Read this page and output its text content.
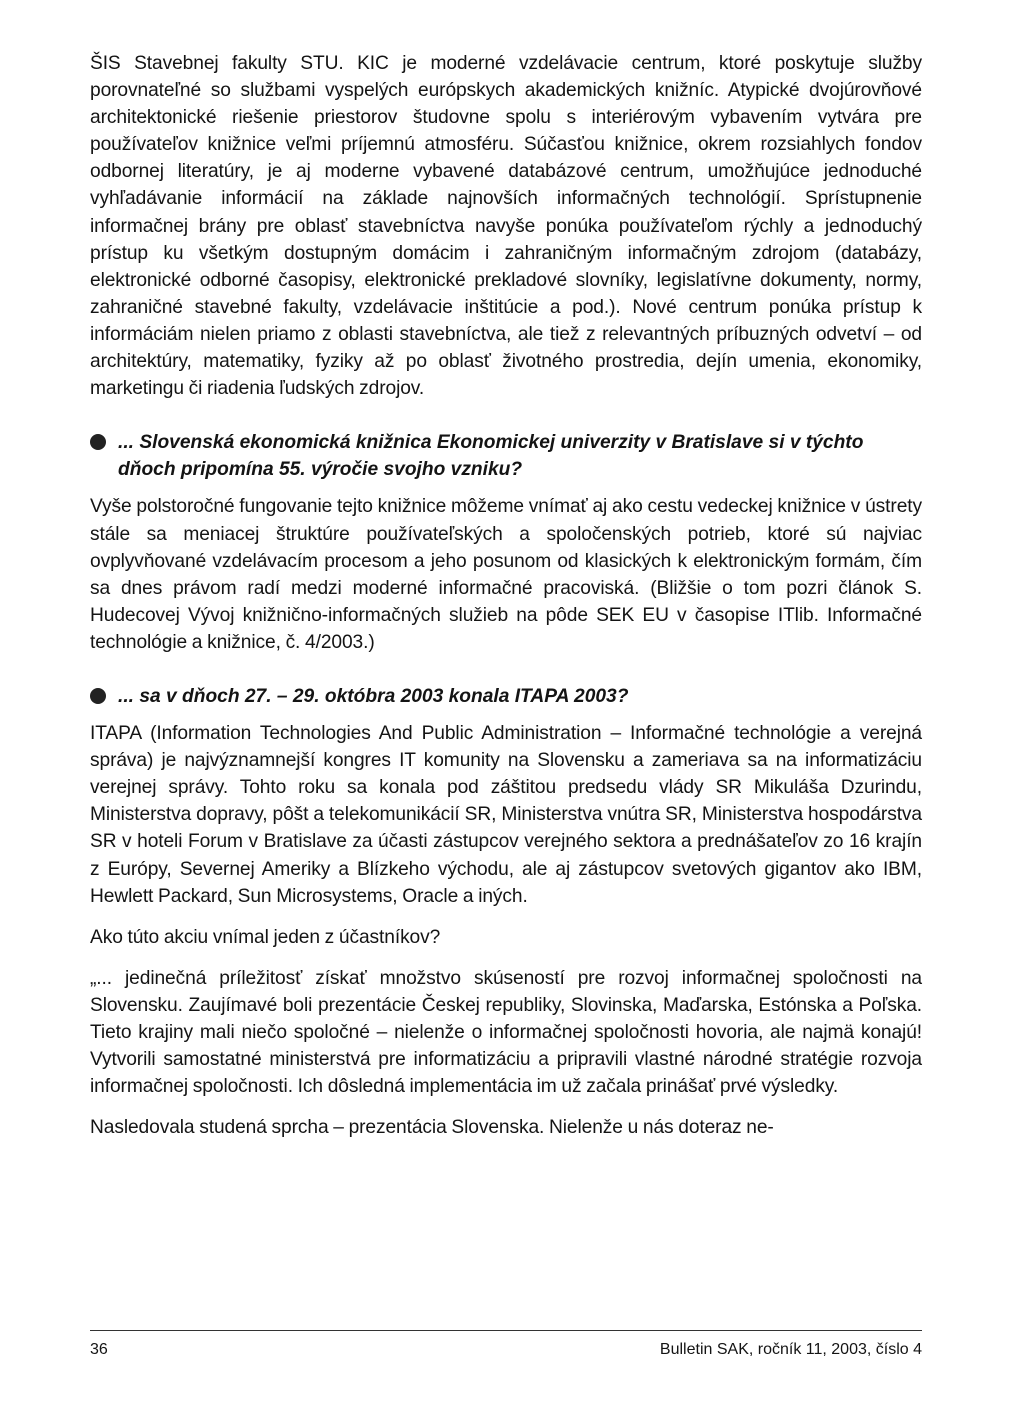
ŠIS Stavebnej fakulty STU. KIC je moderné vzdelávacie centrum, ktoré poskytuje služby porovnateľné so službami vyspelých európskych akademických knižníc. Atypické dvojúrovňové architektonické riešenie priestorov študovne spolu s interiérovým vybavením vytvára pre používateľov knižnice veľmi príjemnú atmosféru. Súčasťou knižnice, okrem rozsiahlych fondov odbornej literatúry, je aj moderne vybavené databázové centrum, umožňujúce jednoduché vyhľadávanie informácií na základe najnovších informačných technológií. Sprístupnenie informačnej brány pre oblasť stavebníctva navyše ponúka používateľom rýchly a jednoduchý prístup ku všetkým dostupným domácim i zahraničným informačným zdrojom (databázy, elektronické odborné časopisy, elektronické prekladové slovníky, legislatívne dokumenty, normy, zahraničné stavebné fakulty, vzdelávacie inštitúcie a pod.). Nové centrum ponúka prístup k informáciám nielen priamo z oblasti stavebníctva, ale tiež z relevantných príbuzných odvetví – od architektúry, matematiky, fyziky až po oblasť životného prostredia, dejín umenia, ekonomiky, marketingu či riadenia ľudských zdrojov.

... Slovenská ekonomická knižnica Ekonomickej univerzity v Bratislave si v týchto dňoch pripomína 55. výročie svojho vzniku?

Vyše polstoročné fungovanie tejto knižnice môžeme vnímať aj ako cestu vedeckej knižnice v ústrety stále sa meniacej štruktúre používateľských a spoločenských potrieb, ktoré sú najviac ovplyvňované vzdelávacím procesom a jeho posunom od klasických k elektronickým formám, čím sa dnes právom radí medzi moderné informačné pracoviská. (Bližšie o tom pozri článok S. Hudecovej Vývoj knižnično-informačných služieb na pôde SEK EU v časopise ITlib. Informačné technológie a knižnice, č. 4/2003.)

... sa v dňoch 27. – 29. októbra 2003 konala ITAPA 2003?

ITAPA (Information Technologies And Public Administration – Informačné technológie a verejná správa) je najvýznamnejší kongres IT komunity na Slovensku a zameriava sa na informatizáciu verejnej správy. Tohto roku sa konala pod záštitou predsedu vlády SR Mikuláša Dzurindu, Ministerstva dopravy, pôšt a telekomunikácií SR, Ministerstva vnútra SR, Ministerstva hospodárstva SR v hoteli Forum v Bratislave za účasti zástupcov verejného sektora a prednášateľov zo 16 krajín z Európy, Severnej Ameriky a Blízkeho východu, ale aj zástupcov svetových gigantov ako IBM, Hewlett Packard, Sun Microsystems, Oracle a iných.

Ako túto akciu vnímal jeden z účastníkov?

„... jedinečná príležitosť získať množstvo skúseností pre rozvoj informačnej spoločnosti na Slovensku. Zaujímavé boli prezentácie Českej republiky, Slovinska, Maďarska, Estónska a Poľska. Tieto krajiny mali niečo spoločné – nielenže o informačnej spoločnosti hovoria, ale najmä konajú! Vytvorili samostatné ministerstvá pre informatizáciu a pripravili vlastné národné stratégie rozvoja informačnej spoločnosti. Ich dôsledná implementácia im už začala prinášať prvé výsledky.

Nasledovala studená sprcha – prezentácia Slovenska. Nielenže u nás doteraz ne-

36	Bulletin SAK, ročník 11, 2003, číslo 4
